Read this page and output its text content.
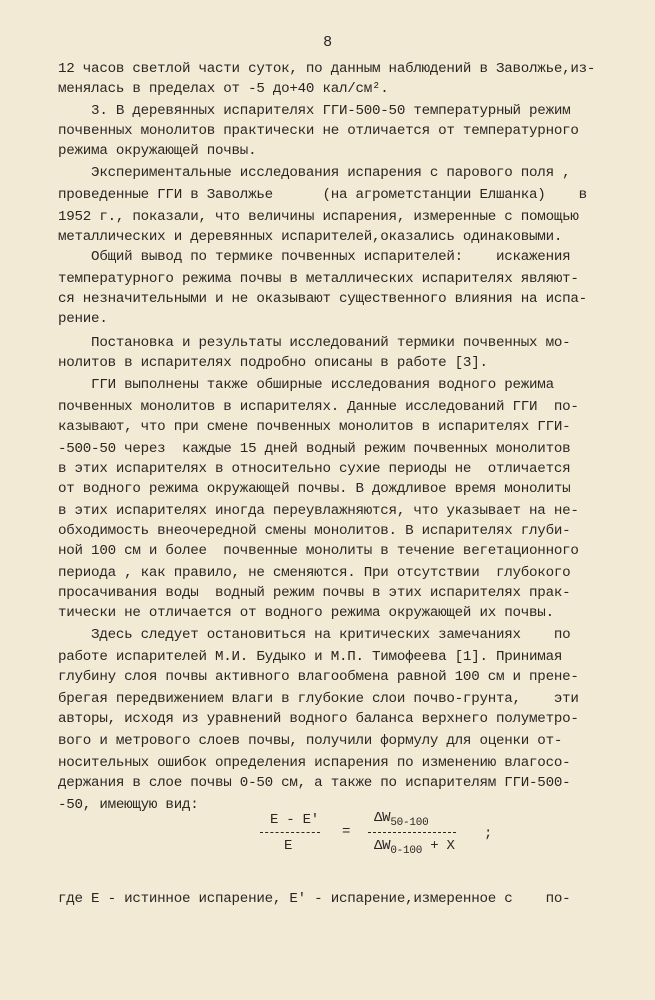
8
12 часов светлой части суток, по данным наблюдений в Заволжье,из-
менялась в пределах от -5 до+40 кал/см².
3. В деревянных испарителях ГГИ-500-50 температурный режим
почвенных монолитов практически не отличается от температурного
режима окружающей почвы.
Экспериментальные исследования испарения с парового поля ,
проведенные ГГИ в Заволжье      (на агрометстанции Елшанка)    в
1952 г., показали, что величины испарения, измеренные с помощью
металлических и деревянных испарителей,оказались одинаковыми.
Общий вывод по термике почвенных испарителей:    искажения
температурного режима почвы в металлических испарителях являют-
ся незначительными и не оказывают существенного влияния на испа-
рение.
Постановка и результаты исследований термики почвенных мо-
нолитов в испарителях подробно описаны в работе [3].
ГГИ выполнены также обширные исследования водного режима
почвенных монолитов в испарителях. Данные исследований ГГИ  по-
казывают, что при смене почвенных монолитов в испарителях ГГИ-
-500-50 через  каждые 15 дней водный режим почвенных монолитов
в этих испарителях в относительно сухие периоды не  отличается
от водного режима окружающей почвы. В дождливое время монолиты
в этих испарителях иногда переувлажняются, что указывает на не-
обходимость внеочередной смены монолитов. В испарителях глуби-
ной 100 см и более  почвенные монолиты в течение вегетационного
периода , как правило, не сменяются. При отсутствии  глубокого
просачивания воды  водный режим почвы в этих испарителях прак-
тически не отличается от водного режима окружающей их почвы.
Здесь следует остановиться на критических замечаниях    по
работе испарителей М.И. Будыко и М.П. Тимофеева [1]. Принимая
глубину слоя почвы активного влагообмена равной 100 см и прене-
брегая передвижением влаги в глубокие слои почво-грунта,    эти
авторы, исходя из уравнений водного баланса верхнего полуметро-
вого и метрового слоев почвы, получили формулу для оценки от-
носительных ошибок определения испарения по изменению влагосо-
держания в слое почвы 0-50 см, а также по испарителям ГГИ-500-
-50, имеющую вид:
E - E'
E
=
$\Delta W_{50-100}$
$\Delta W_{0-100} + X$
;
где E - истинное испарение, E' - испарение,измеренное с    по-
